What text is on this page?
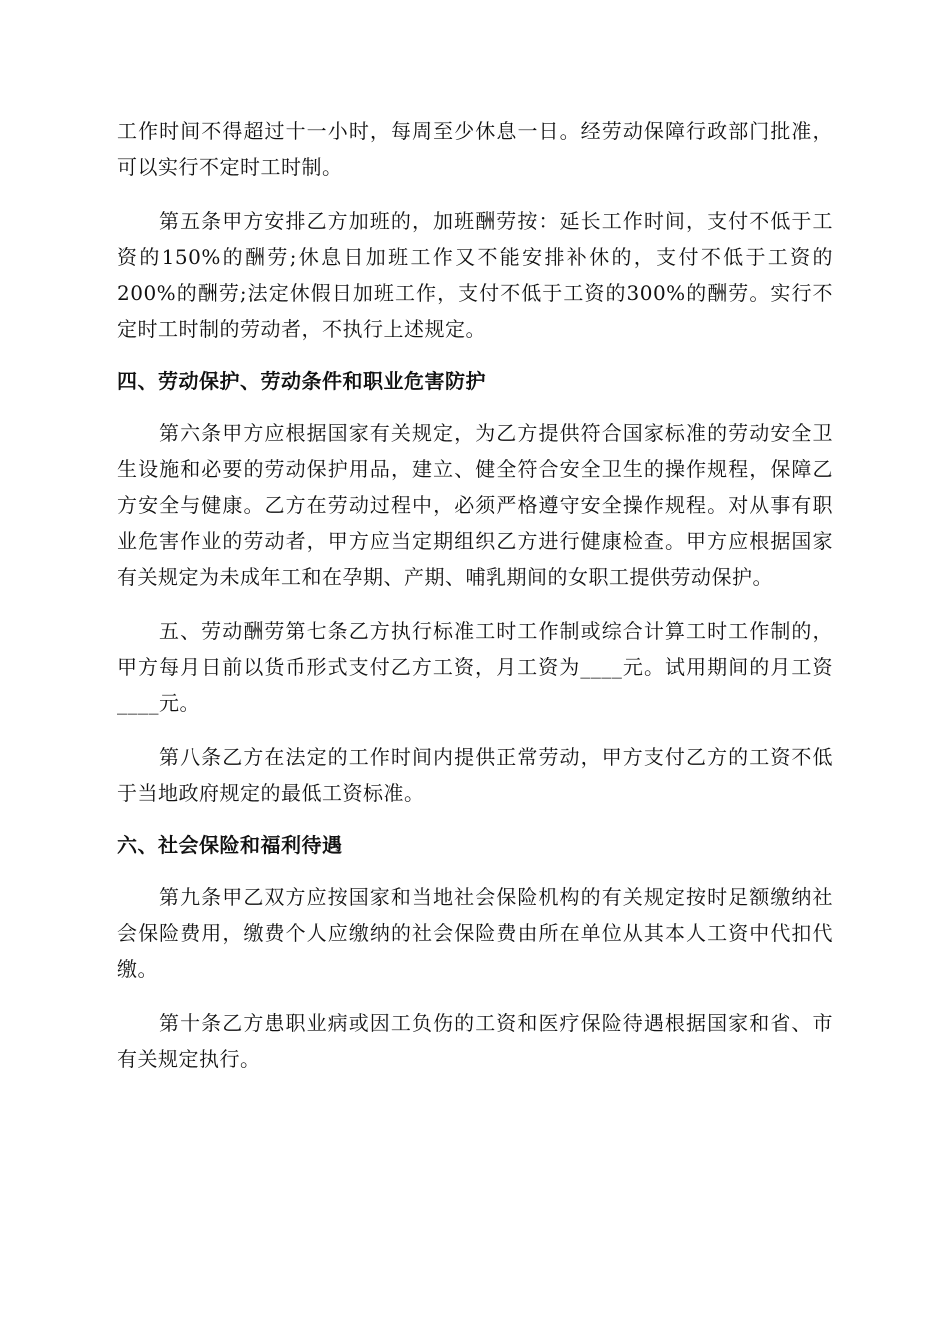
工作时间不得超过十一小时，每周至少休息一日。经劳动保障行政部门批准，可以实行不定时工时制。

第五条甲方安排乙方加班的，加班酬劳按：延长工作时间，支付不低于工资的150%的酬劳;休息日加班工作又不能安排补休的，支付不低于工资的200%的酬劳;法定休假日加班工作，支付不低于工资的300%的酬劳。实行不定时工时制的劳动者，不执行上述规定。

四、劳动保护、劳动条件和职业危害防护

第六条甲方应根据国家有关规定，为乙方提供符合国家标准的劳动安全卫生设施和必要的劳动保护用品，建立、健全符合安全卫生的操作规程，保障乙方安全与健康。乙方在劳动过程中，必须严格遵守安全操作规程。对从事有职业危害作业的劳动者，甲方应当定期组织乙方进行健康检查。甲方应根据国家有关规定为未成年工和在孕期、产期、哺乳期间的女职工提供劳动保护。

五、劳动酬劳第七条乙方执行标准工时工作制或综合计算工时工作制的，甲方每月日前以货币形式支付乙方工资，月工资为____元。试用期间的月工资____元。

第八条乙方在法定的工作时间内提供正常劳动，甲方支付乙方的工资不低于当地政府规定的最低工资标准。

六、社会保险和福利待遇

第九条甲乙双方应按国家和当地社会保险机构的有关规定按时足额缴纳社会保险费用，缴费个人应缴纳的社会保险费由所在单位从其本人工资中代扣代缴。

第十条乙方患职业病或因工负伤的工资和医疗保险待遇根据国家和省、市有关规定执行。
